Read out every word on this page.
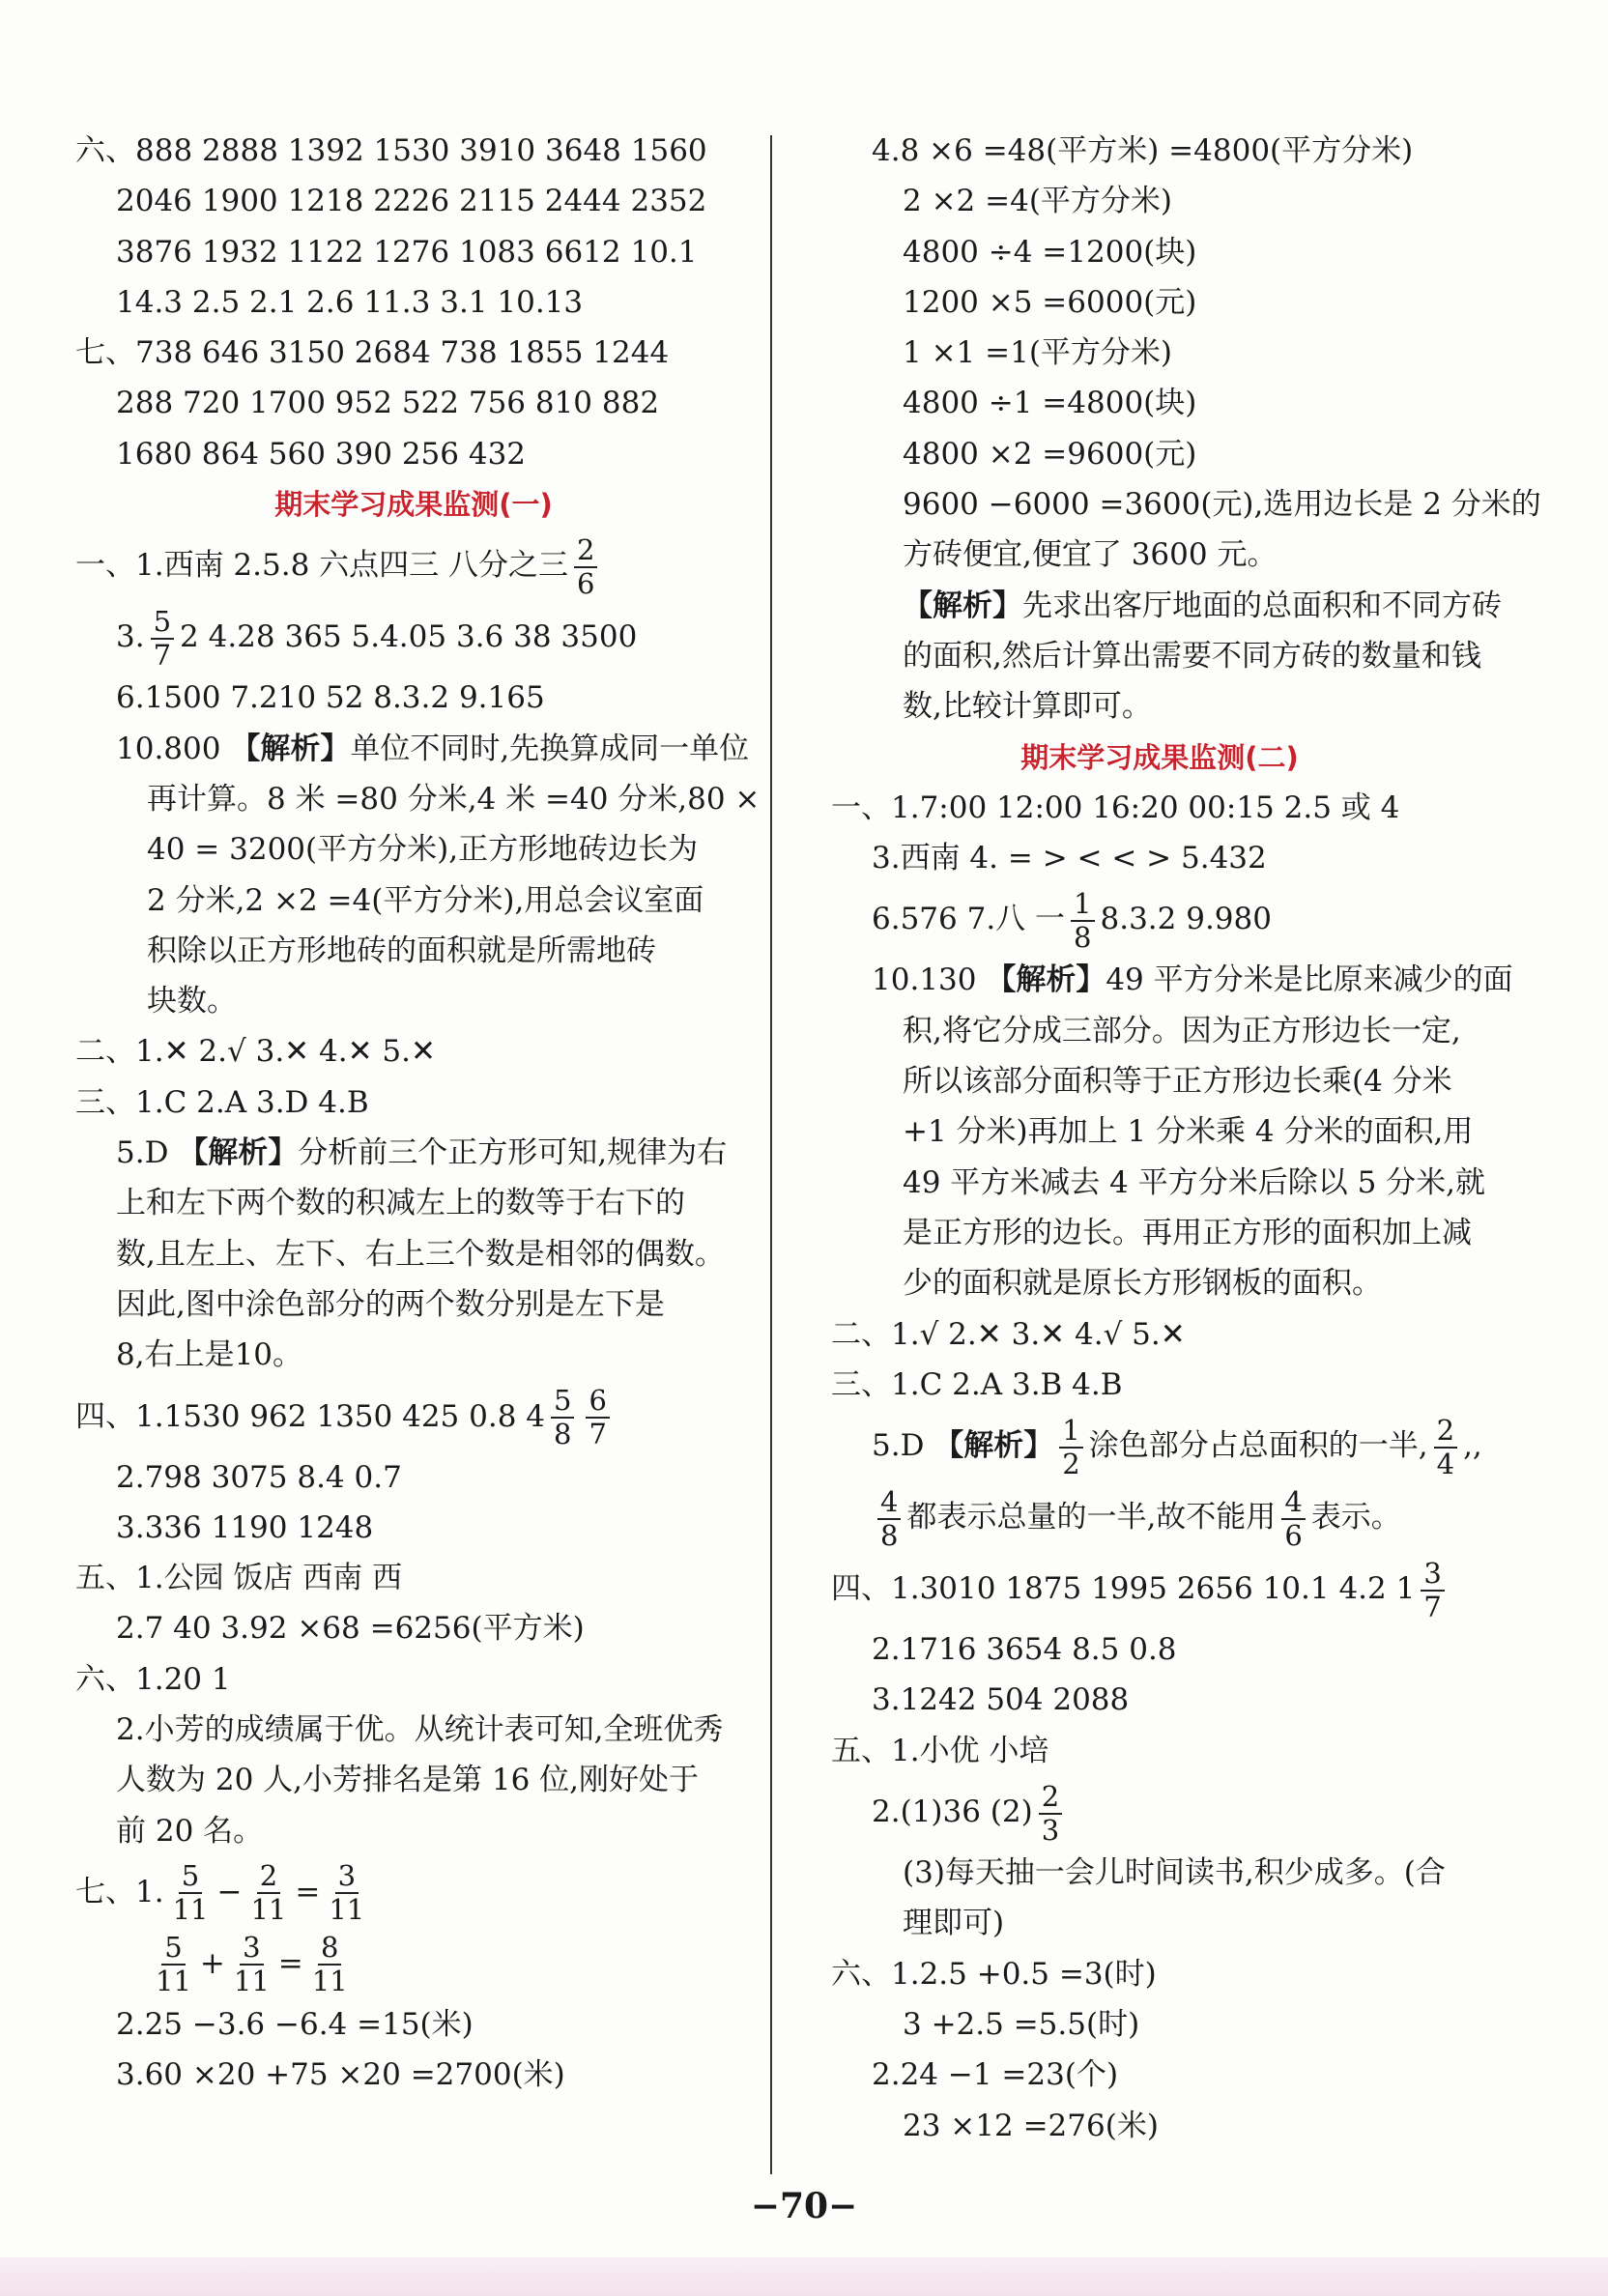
六、888 2888 1392 1530 3910 3648 1560
2046 1900 1218 2226 2115 2444 2352
3876 1932 1122 1276 1083 6612 10.1
14.3 2.5 2.1 2.6 11.3 3.1 10.13
七、738 646 3150 2684 738 1855 1244
288 720 1700 952 522 756 810 882
1680 864 560 390 256 432
期末学习成果监测(一)
一、1.西南 2.5.8 六点四三 八分之三 $\frac{2}{6}$
3. $\frac{5}{7} 2$ 4.28 365 5.4.05 3.6 38 3500
6.1500 7.210 52 8.3.2 9.165
10.800 【解析】单位不同时,先换算成同一单位
再计算。8 米 =80 分米,4 米 =40 分米,80 ×
40 = 3200(平方分米),正方形地砖边长为
2 分米,2 ×2 =4(平方分米),用总会议室面
积除以正方形地砖的面积就是所需地砖
块数。
二、1.✕ 2.√ 3.✕ 4.✕ 5.✕
三、1.C 2.A 3.D 4.B
5.D 【解析】分析前三个正方形可知,规律为右
上和左下两个数的积减左上的数等于右下的
数,且左上、左下、右上三个数是相邻的偶数。
因此,图中涂色部分的两个数分别是左下是
8,右上是10。
四、1.1530 962 1350 425 0.8 $4 \frac{5}{8} \frac{6}{7}$
2.798 3075 8.4 0.7
3.336 1190 1248
五、1.公园 饭店 西南 西
2.7 40 3.92 ×68 =6256(平方米)
六、1.20 1
2.小芳的成绩属于优。从统计表可知,全班优秀
人数为 20 人,小芳排名是第 16 位,刚好处于
前 20 名。
七、1. $\frac{5}{11} - \frac{2}{11} = \frac{3}{11}$
$\frac{5}{11} + \frac{3}{11} = \frac{8}{11}$
2.25 −3.6 −6.4 =15(米)
3.60 ×20 +75 ×20 =2700(米)
4.8 ×6 =48(平方米) =4800(平方分米)
2 ×2 =4(平方分米)
4800 ÷4 =1200(块)
1200 ×5 =6000(元)
1 ×1 =1(平方分米)
4800 ÷1 =4800(块)
4800 ×2 =9600(元)
9600 −6000 =3600(元),选用边长是 2 分米的
方砖便宜,便宜了 3600 元。
【解析】先求出客厅地面的总面积和不同方砖
的面积,然后计算出需要不同方砖的数量和钱
数,比较计算即可。
期末学习成果监测(二)
一、1.7:00 12:00 16:20 00:15 2.5 或 4
3.西南 4. = > < < > 5.432
6.576 7.八 一 $\frac{1}{8} 8.3.2$ 9.980
10.130 【解析】49 平方分米是比原来减少的面
积,将它分成三部分。因为正方形边长一定,
所以该部分面积等于正方形边长乘(4 分米
+1 分米)再加上 1 分米乘 4 分米的面积,用
49 平方米减去 4 平方分米后除以 5 分米,就
是正方形的边长。再用正方形的面积加上减
少的面积就是原长方形钢板的面积。
二、1.√ 2.✕ 3.✕ 4.√ 5.✕
三、1.C 2.A 3.B 4.B
5.D 【解析】 $\frac{1}{2}$ 涂色部分占总面积的一半, $\frac{2}{4}$ ,,
$\frac{4}{8}$ 都表示总量的一半,故不能用 $\frac{4}{6}$ 表示。
四、1.3010 1875 1995 2656 10.1 4.2 $1 \frac{3}{7}$
2.1716 3654 8.5 0.8
3.1242 504 2088
五、1.小优 小培
2.(1)36 $(2) \frac{2}{3}$
(3)每天抽一会儿时间读书,积少成多。(合
理即可)
六、1.2.5 +0.5 =3(时)
3 +2.5 =5.5(时)
2.24 −1 =23(个)
23 ×12 =276(米)
−70−
